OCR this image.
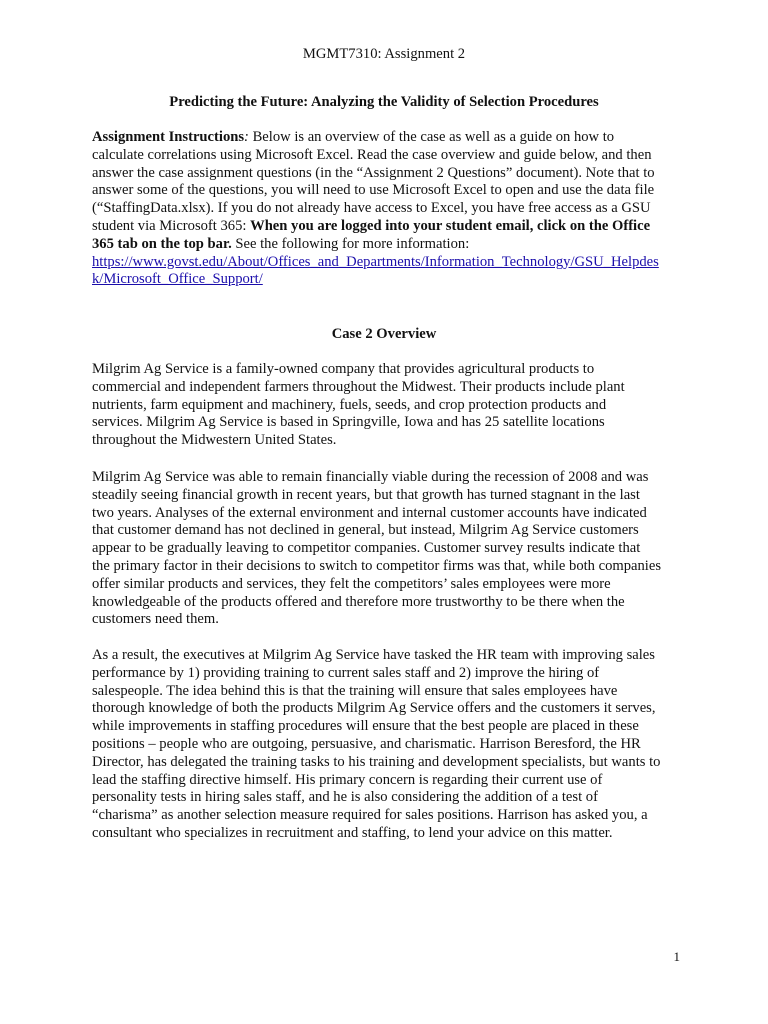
MGMT7310: Assignment 2
Predicting the Future: Analyzing the Validity of Selection Procedures
Assignment Instructions: Below is an overview of the case as well as a guide on how to
calculate correlations using Microsoft Excel. Read the case overview and guide below, and then
answer the case assignment questions (in the “Assignment 2 Questions” document). Note that to
answer some of the questions, you will need to use Microsoft Excel to open and use the data file
(“StaffingData.xlsx). If you do not already have access to Excel, you have free access as a GSU
student via Microsoft 365: When you are logged into your student email, click on the Office
365 tab on the top bar. See the following for more information:
https://www.govst.edu/About/Offices_and_Departments/Information_Technology/GSU_Helpdes
k/Microsoft_Office_Support/
Case 2 Overview
Milgrim Ag Service is a family-owned company that provides agricultural products to
commercial and independent farmers throughout the Midwest. Their products include plant
nutrients, farm equipment and machinery, fuels, seeds, and crop protection products and
services. Milgrim Ag Service is based in Springville, Iowa and has 25 satellite locations
throughout the Midwestern United States.
Milgrim Ag Service was able to remain financially viable during the recession of 2008 and was
steadily seeing financial growth in recent years, but that growth has turned stagnant in the last
two years. Analyses of the external environment and internal customer accounts have indicated
that customer demand has not declined in general, but instead, Milgrim Ag Service customers
appear to be gradually leaving to competitor companies. Customer survey results indicate that
the primary factor in their decisions to switch to competitor firms was that, while both companies
offer similar products and services, they felt the competitors’ sales employees were more
knowledgeable of the products offered and therefore more trustworthy to be there when the
customers need them.
As a result, the executives at Milgrim Ag Service have tasked the HR team with improving sales
performance by 1) providing training to current sales staff and 2) improve the hiring of
salespeople. The idea behind this is that the training will ensure that sales employees have
thorough knowledge of both the products Milgrim Ag Service offers and the customers it serves,
while improvements in staffing procedures will ensure that the best people are placed in these
positions – people who are outgoing, persuasive, and charismatic. Harrison Beresford, the HR
Director, has delegated the training tasks to his training and development specialists, but wants to
lead the staffing directive himself. His primary concern is regarding their current use of
personality tests in hiring sales staff, and he is also considering the addition of a test of
“charisma” as another selection measure required for sales positions. Harrison has asked you, a
consultant who specializes in recruitment and staffing, to lend your advice on this matter.
1
